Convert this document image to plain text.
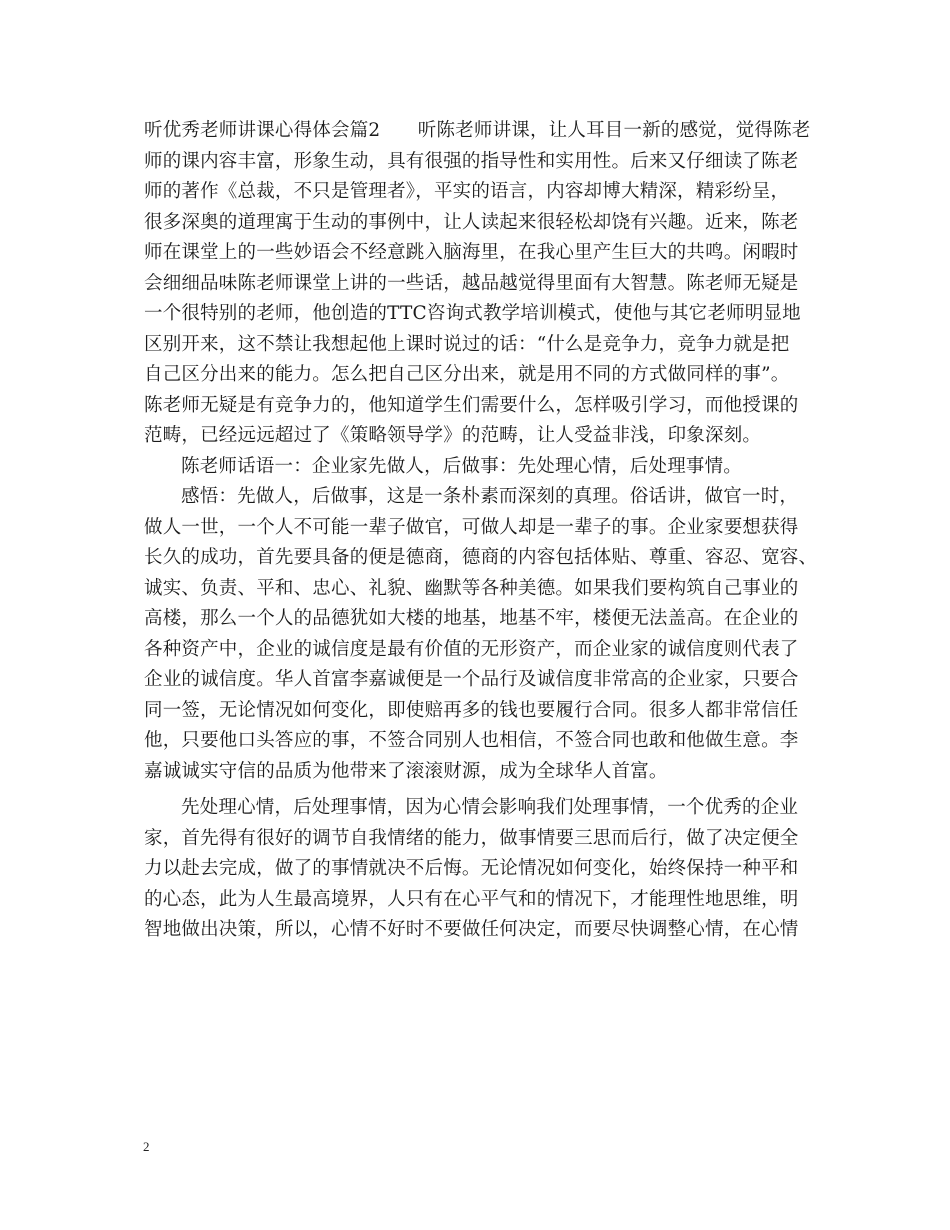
听优秀老师讲课心得体会篇2　　听陈老师讲课，让人耳目一新的感觉，觉得陈老
师的课内容丰富，形象生动，具有很强的指导性和实用性。后来又仔细读了陈老
师的著作《总裁，不只是管理者》，平实的语言，内容却博大精深，精彩纷呈，
很多深奥的道理寓于生动的事例中，让人读起来很轻松却饶有兴趣。近来，陈老
师在课堂上的一些妙语会不经意跳入脑海里，在我心里产生巨大的共鸣。闲暇时
会细细品味陈老师课堂上讲的一些话，越品越觉得里面有大智慧。陈老师无疑是
一个很特别的老师，他创造的TTC咨询式教学培训模式，使他与其它老师明显地
区别开来，这不禁让我想起他上课时说过的话：“什么是竞争力，竞争力就是把
自己区分出来的能力。怎么把自己区分出来，就是用不同的方式做同样的事”。
陈老师无疑是有竞争力的，他知道学生们需要什么，怎样吸引学习，而他授课的
范畴，已经远远超过了《策略领导学》的范畴，让人受益非浅，印象深刻。
陈老师话语一：企业家先做人，后做事：先处理心情，后处理事情。
感悟：先做人，后做事，这是一条朴素而深刻的真理。俗话讲，做官一时，
做人一世，一个人不可能一辈子做官，可做人却是一辈子的事。企业家要想获得
长久的成功，首先要具备的便是德商，德商的内容包括体贴、尊重、容忍、宽容、
诚实、负责、平和、忠心、礼貌、幽默等各种美德。如果我们要构筑自己事业的
高楼，那么一个人的品德犹如大楼的地基，地基不牢，楼便无法盖高。在企业的
各种资产中，企业的诚信度是最有价值的无形资产，而企业家的诚信度则代表了
企业的诚信度。华人首富李嘉诚便是一个品行及诚信度非常高的企业家，只要合
同一签，无论情况如何变化，即使赔再多的钱也要履行合同。很多人都非常信任
他，只要他口头答应的事，不签合同别人也相信，不签合同也敢和他做生意。李
嘉诚诚实守信的品质为他带来了滚滚财源，成为全球华人首富。
先处理心情，后处理事情，因为心情会影响我们处理事情，一个优秀的企业
家，首先得有很好的调节自我情绪的能力，做事情要三思而后行，做了决定便全
力以赴去完成，做了的事情就决不后悔。无论情况如何变化，始终保持一种平和
的心态，此为人生最高境界，人只有在心平气和的情况下，才能理性地思维，明
智地做出决策，所以，心情不好时不要做任何决定，而要尽快调整心情，在心情
2
